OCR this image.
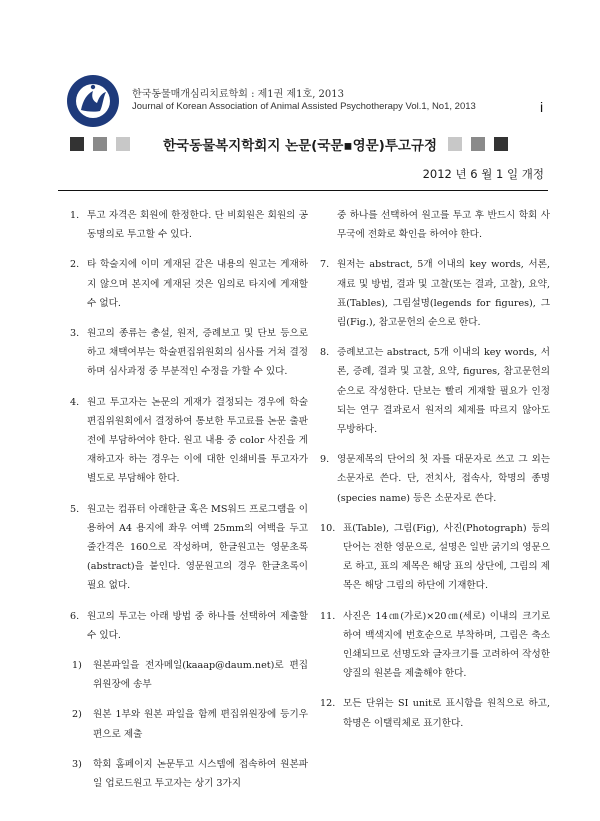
한국동물매개심리치료학회 : 제1권 제1호, 2013
Journal of Korean Association of Animal Assisted Psychotherapy Vol.1, No1, 2013	i
한국동물복지학회지 논문(국문▪영문)투고규정
2012 년 6 월 1 일 개정
1. 투고 자격은 회원에 한정한다. 단 비회원은 회원의 공동명의로 투고할 수 있다.
2. 타 학술지에 이미 게재된 같은 내용의 원고는 게재하지 않으며 본지에 게재된 것은 임의로 타지에 게재할 수 없다.
3. 원고의 종류는 총설, 원저, 증례보고 및 단보 등으로 하고 채택여부는 학술편집위원회의 심사를 거쳐 결정하며 심사과정 중 부분적인 수정을 가할 수 있다.
4. 원고 투고자는 논문의 게재가 결정되는 경우에 학술편집위원회에서 결정하여 통보한 투고료를 논문 출판 전에 부담하여야 한다. 원고 내용 중 color 사진을 게재하고자 하는 경우는 이에 대한 인쇄비를 투고자가 별도로 부담해야 한다.
5. 원고는 컴퓨터 아래한글 혹은 MS워드 프로그램을 이용하여 A4 용지에 좌우 여백 25mm의 여백을 두고 줄간격은 160으로 작성하며, 한글원고는 영문초록(abstract)을 붙인다. 영문원고의 경우 한글초록이 필요 없다.
6. 원고의 투고는 아래 방법 중 하나를 선택하여 제출할 수 있다.
1)	원본파일을 전자메일(kaaap@daum.net)로 편집위원장에 송부
2)	원본 1부와 원본 파일을 함께 편집위원장에 등기우편으로 제출
3)	학회 홈페이지 논문투고 시스템에 접속하여 원본파일 업로드원고 투고자는 상기 3가지
중 하나를 선택하여 원고를 투고 후 반드시 학회 사무국에 전화로 확인을 하여야 한다.
7. 원저는 abstract, 5개 이내의 key words, 서론, 재료 및 방법, 결과 및 고찰(또는 결과, 고찰), 요약, 표(Tables), 그림설명(legends for figures), 그림(Fig.), 참고문헌의 순으로 한다.
8. 증례보고는 abstract, 5개 이내의 key words, 서론, 증례, 결과 및 고찰, 요약, figures, 참고문헌의 순으로 작성한다. 단보는 빨리 게재할 필요가 인정되는 연구 결과로서 원저의 체제를 따르지 않아도 무방하다.
9. 영문제목의 단어의 첫 자를 대문자로 쓰고 그 외는 소문자로 쓴다. 단, 전치사, 접속사, 학명의 종명(species name) 등은 소문자로 쓴다.
10. 표(Table), 그림(Fig), 사진(Photograph) 등의 단어는 전한 영문으로, 설명은 일반 굵기의 영문으로 하고, 표의 제목은 해당 표의 상단에, 그림의 제목은 해당 그림의 하단에 기재한다.
11. 사진은 14㎝(가로)×20㎝(세로) 이내의 크기로 하여 백색지에 번호순으로 부착하며, 그림은 축소 인쇄되므로 선명도와 글자크기를 고려하여 작성한 양질의 원본을 제출해야 한다.
12. 모든 단위는 SI unit로 표시함을 원칙으로 하고, 학명은 이탤릭체로 표기한다.
